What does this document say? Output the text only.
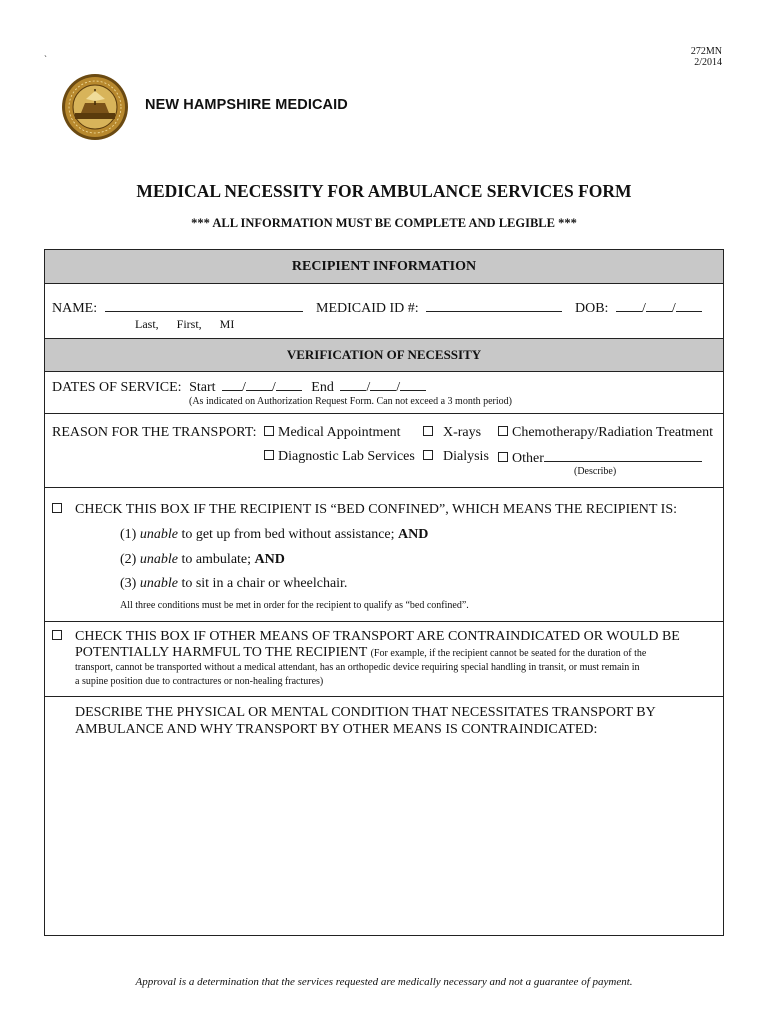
272MN
2/2014
`
NEW HAMPSHIRE MEDICAID
MEDICAL NECESSITY FOR AMBULANCE SERVICES FORM
*** ALL INFORMATION MUST BE COMPLETE AND LEGIBLE ***
RECIPIENT INFORMATION
NAME:
Last,      First,      MI
MEDICAID ID #:	DOB: / /
VERIFICATION OF NECESSITY
DATES OF SERVICE: Start / /	End / /
(As indicated on Authorization Request Form. Can not exceed a 3 month period)
REASON FOR THE TRANSPORT:	Medical Appointment	X-rays	Chemotherapy/Radiation Treatment
Diagnostic Lab Services	Dialysis	Other
(Describe)
CHECK THIS BOX IF THE RECIPIENT IS “BED CONFINED”, WHICH MEANS THE RECIPIENT IS:
(1) unable to get up from bed without assistance; AND
(2) unable to ambulate; AND
(3) unable to sit in a chair or wheelchair.
All three conditions must be met in order for the recipient to qualify as “bed confined”.
CHECK THIS BOX IF OTHER MEANS OF TRANSPORT ARE CONTRAINDICATED OR WOULD BE
POTENTIALLY HARMFUL TO THE RECIPIENT (For example, if the recipient cannot be seated for the duration of the
transport, cannot be transported without a medical attendant, has an orthopedic device requiring special handling in transit, or must remain in
a supine position due to contractures or non-healing fractures)
DESCRIBE THE PHYSICAL OR MENTAL CONDITION THAT NECESSITATES TRANSPORT BY
AMBULANCE AND WHY TRANSPORT BY OTHER MEANS IS CONTRAINDICATED:
Approval is a determination that the services requested are medically necessary and not a guarantee of payment.
